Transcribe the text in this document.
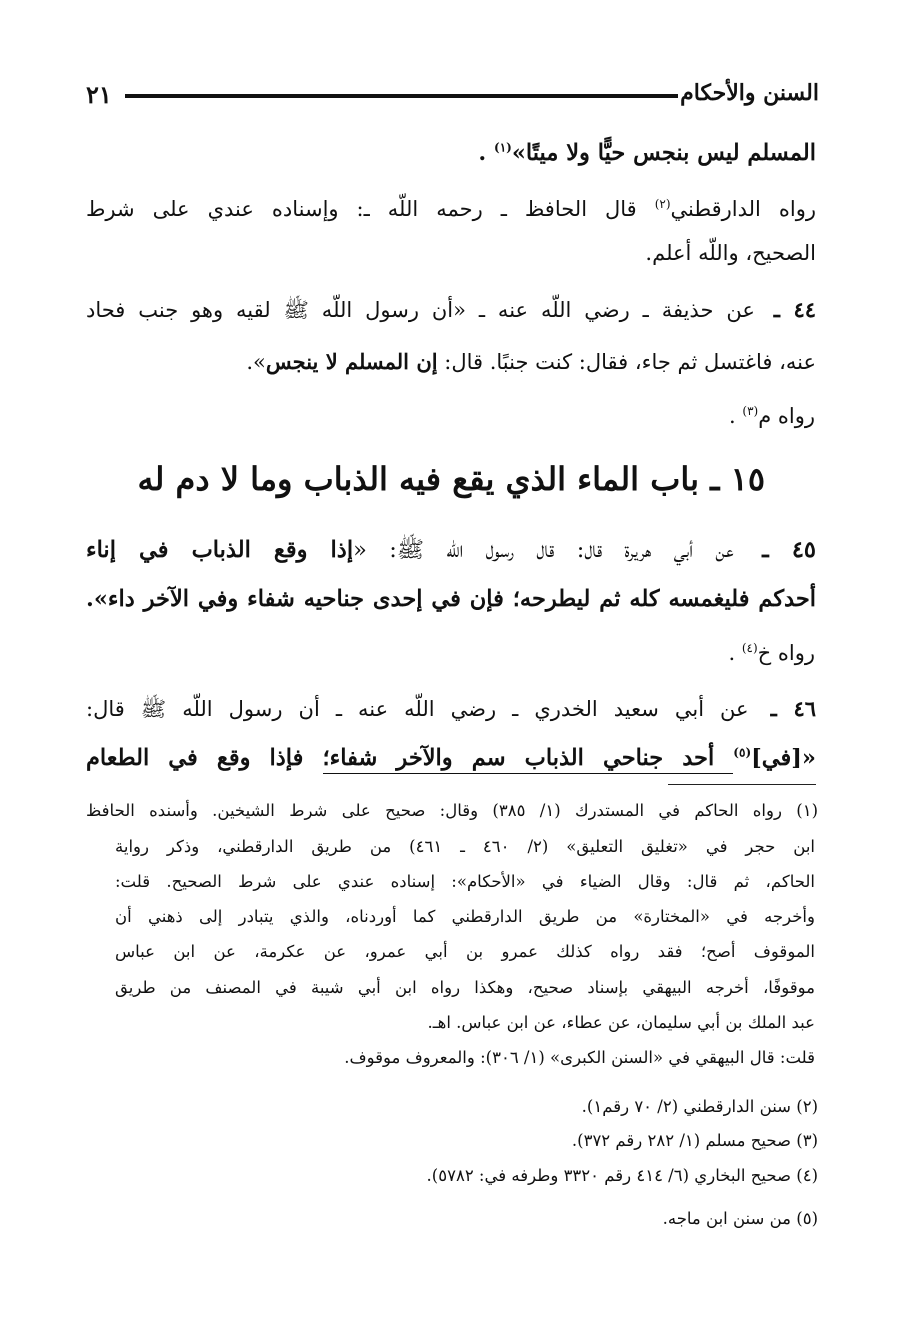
السنن والأحكام
٢١
المسلم ليس بنجس حيًّا ولا ميتًا»$^{(١)}$ .
رواه الدارقطني$^{(٢)}$ قال الحافظ ـ رحمه اللّه ـ: وإسناده عندي على شرط
الصحيح، واللّه أعلم.
٤٤ ـ عن حذيفة ـ رضي اللّه عنه ـ «أن رسول اللّه ﷺ لقيه وهو جنب فحاد
عنه، فاغتسل ثم جاء، فقال: كنت جنبًا. قال: إن المسلم لا ينجس».
رواه م$^{(٣)}$ .
١٥ ـ باب الماء الذي يقع فيه الذباب وما لا دم له
٤٥ ـ عن أبي هريرة قال: قال رسول اللّه ﷺ: «إذا وقع الذباب في إناء
أحدكم فليغمسه كله ثم ليطرحه؛ فإن في إحدى جناحيه شفاء وفي الآخر داء».
رواه خ$^{(٤)}$ .
٤٦ ـ عن أبي سعيد الخدري ـ رضي اللّه عنه ـ أن رسول اللّه ﷺ قال:
«[في]$^{(٥)}$ أحد جناحي الذباب سم والآخر شفاء؛ فإذا وقع في الطعام
(١) رواه الحاكم في المستدرك (١/ ٣٨٥) وقال: صحيح على شرط الشيخين. وأسنده الحافظ
ابن حجر في «تغليق التعليق» (٢/ ٤٦٠ ـ ٤٦١) من طريق الدارقطني، وذكر رواية
الحاكم، ثم قال: وقال الضياء في «الأحكام»: إسناده عندي على شرط الصحيح. قلت:
وأخرجه في «المختارة» من طريق الدارقطني كما أوردناه، والذي يتبادر إلى ذهني أن
الموقوف أصح؛ فقد رواه كذلك عمرو بن أبي عمرو، عن عكرمة، عن ابن عباس
موقوفًا، أخرجه البيهقي بإسناد صحيح، وهكذا رواه ابن أبي شيبة في المصنف من طريق
عبد الملك بن أبي سليمان، عن عطاء، عن ابن عباس. اهـ.
قلت: قال البيهقي في «السنن الكبرى» (١/ ٣٠٦): والمعروف موقوف.
(٢) سنن الدارقطني (٢/ ٧٠ رقم١).
(٣) صحيح مسلم (١/ ٢٨٢ رقم ٣٧٢).
(٤) صحيح البخاري (٦/ ٤١٤ رقم ٣٣٢٠ وطرفه في: ٥٧٨٢).
(٥) من سنن ابن ماجه.
